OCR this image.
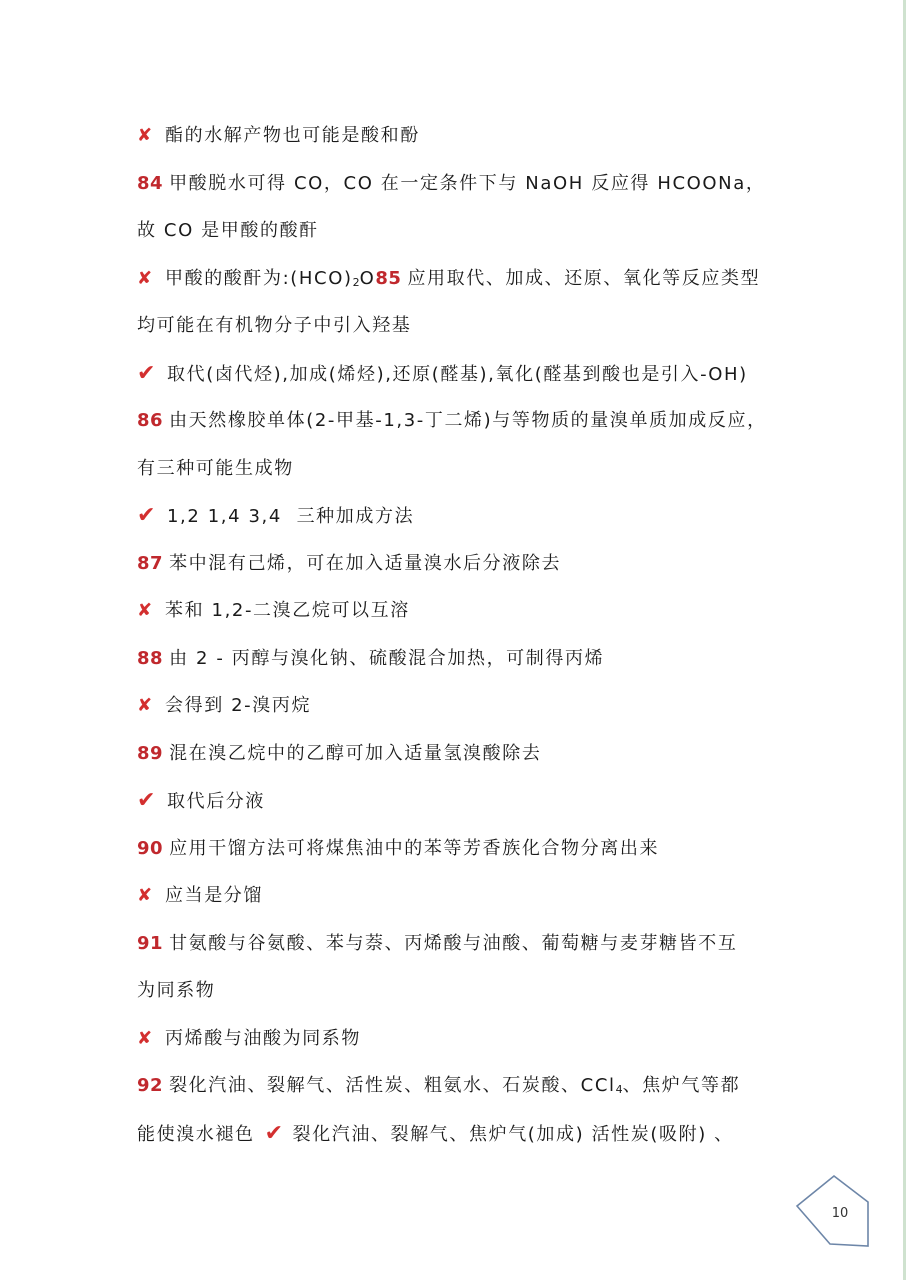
✘ 酯的水解产物也可能是酸和酚
84 甲酸脱水可得 CO，CO 在一定条件下与 NaOH 反应得 HCOONa，
故 CO 是甲酸的酸酐
✘ 甲酸的酸酐为$:(HCO)_2O85$ 应用取代、加成、还原、氧化等反应类型
均可能在有机物分子中引入羟基
✔ 取代(卤代烃),加成(烯烃),还原(醛基),氧化(醛基到酸也是引入-OH)
86 由天然橡胶单体(2-甲基-1,3-丁二烯)与等物质的量溴单质加成反应，
有三种可能生成物
✔ 1,2 1,4 3,4  三种加成方法
87 苯中混有己烯，可在加入适量溴水后分液除去
✘ 苯和 1,2-二溴乙烷可以互溶
88 由 2 - 丙醇与溴化钠、硫酸混合加热，可制得丙烯
✘ 会得到 2-溴丙烷
89 混在溴乙烷中的乙醇可加入适量氢溴酸除去
✔ 取代后分液
90 应用干馏方法可将煤焦油中的苯等芳香族化合物分离出来
✘ 应当是分馏
91 甘氨酸与谷氨酸、苯与萘、丙烯酸与油酸、葡萄糖与麦芽糖皆不互
为同系物
✘ 丙烯酸与油酸为同系物
92 裂化汽油、裂解气、活性炭、粗氨水、石炭酸、CCl$_4$、焦炉气等都
能使溴水褪色 ✔ 裂化汽油、裂解气、焦炉气(加成) 活性炭(吸附) 、
10
